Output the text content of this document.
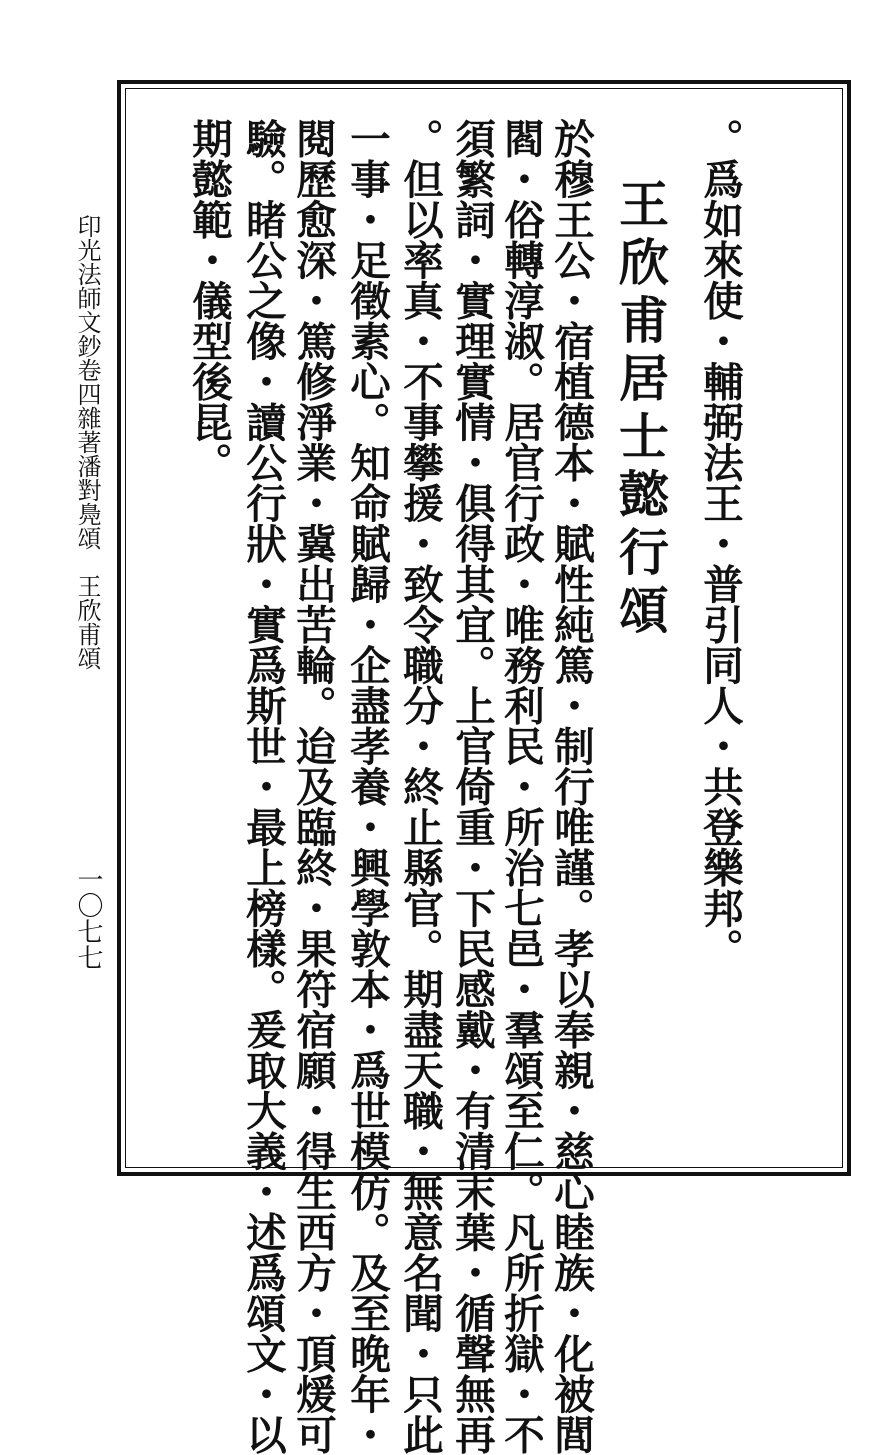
。爲如來使・輔弼法王・普引同人・共登樂邦。
王欣甫居士懿行頌
於穆王公・宿植德本・賦性純篤・制行唯謹。孝以奉親・慈心睦族・化被閭
閻・俗轉淳淑。居官行政・唯務利民・所治七邑・羣頌至仁。凡所折獄・不
須繁詞・實理實情・俱得其宜。上官倚重・下民感戴・有清末葉・循聲無再
。但以率真・不事攀援・致令職分・終止縣官。期盡天職・無意名聞・只此
一事・足徵素心。知命賦歸・企盡孝養・興學敦本・爲世模仿。及至晚年・
閱歷愈深・篤修淨業・冀出苦輪。迨及臨終・果符宿願・得生西方・頂煖可
驗。睹公之像・讀公行狀・實爲斯世・最上榜樣。爰取大義・述爲頌文・以
期懿範・儀型後昆。
印光法師文鈔卷四雜著潘對鳧頌　王欣甫頌
一〇七七
